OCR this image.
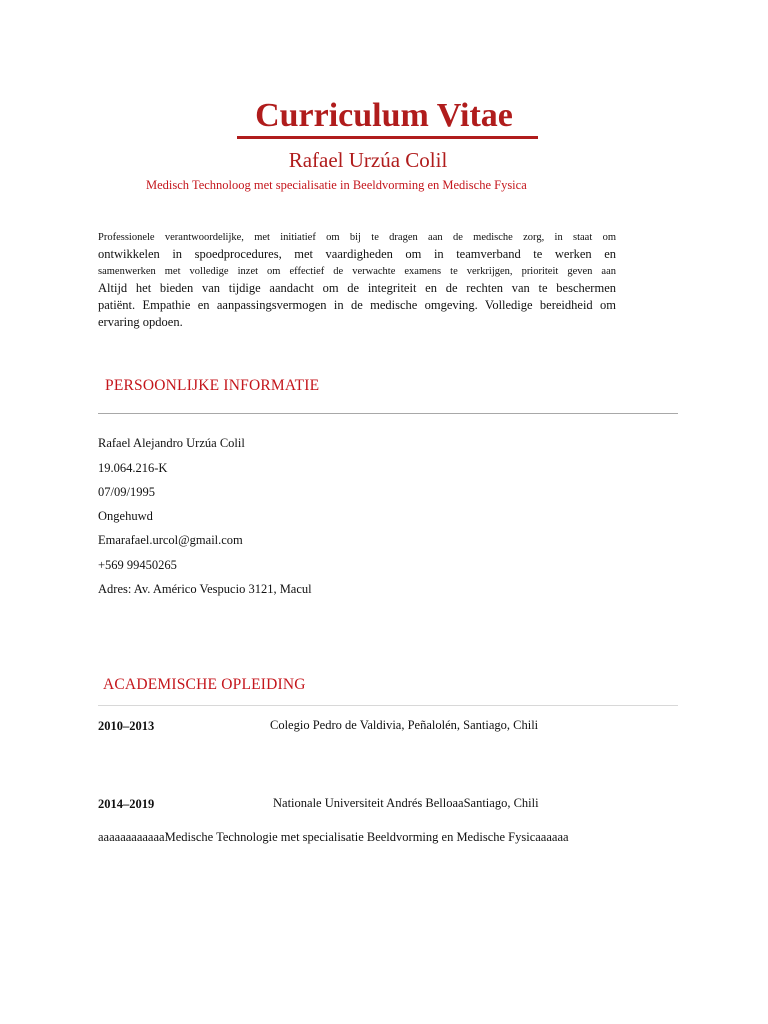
Curriculum Vitae
Rafael Urzúa Colil
Medisch Technoloog met specialisatie in Beeldvorming en Medische Fysica
Professionele verantwoordelijke, met initiatief om bij te dragen aan de medische zorg, in staat om
ontwikkelen in spoedprocedures, met vaardigheden om in teamverband te werken en
samenwerken met volledige inzet om effectief de verwachte examens te verkrijgen, prioriteit geven aan
Altijd het bieden van tijdige aandacht om de integriteit en de rechten van te beschermen
patiënt. Empathie en aanpassingsvermogen in de medische omgeving. Volledige bereidheid om
ervaring opdoen.
PERSOONLIJKE INFORMATIE
Rafael Alejandro Urzúa Colil
19.064.216-K
07/09/1995
Ongehuwd
Emarafael.urcol@gmail.com
+569 99450265
Adres: Av. Américo Vespucio 3121, Macul
ACADEMISCHE OPLEIDING
2010–2013	Colegio Pedro de Valdivia, Peñalolén, Santiago, Chili
2014–2019	Nationale Universiteit Andrés BelloaaSantiago, Chili
aaaaaaaaaaaaMedische Technologie met specialisatie Beeldvorming en Medische Fysicaaaaaa
